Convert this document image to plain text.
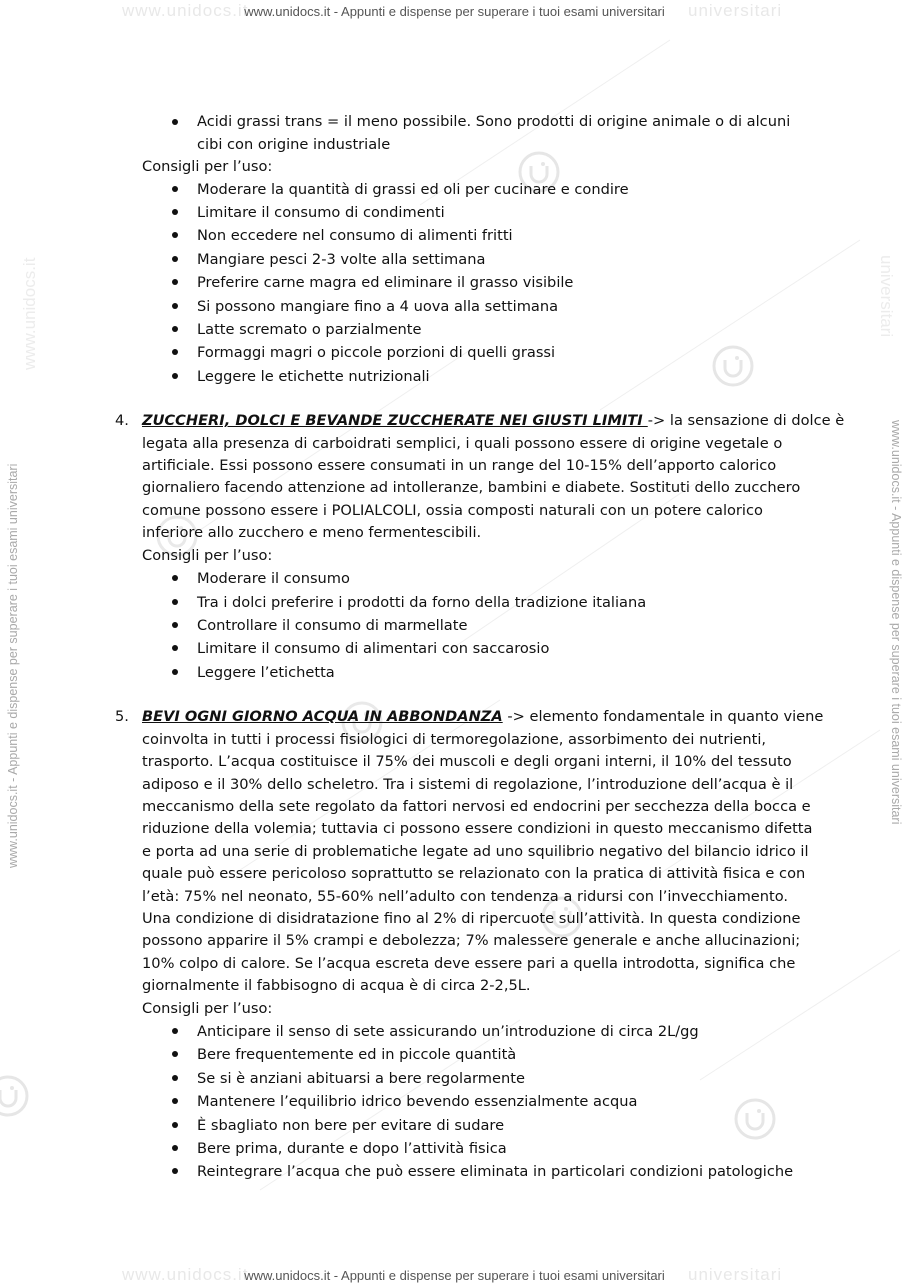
www.unidocs.it	universitari
www.unidocs.it - Appunti e dispense per superare i tuoi esami universitari
www.unidocs.it	universitari
www.unidocs.it - Appunti e dispense per superare i tuoi esami universitari
www.unidocs.it - Appunti e dispense per superare i tuoi esami universitari	www.unidocs.it - Appunti e dispense per superare i tuoi esami universitari
www.unidocs.it	universitari
Acidi grassi trans = il meno possibile. Sono prodotti di origine animale o di alcuni
cibi con origine industriale
Consigli per l’uso:
Moderare la quantità di grassi ed oli per cucinare e condire
Limitare il consumo di condimenti
Non eccedere nel consumo di alimenti fritti
Mangiare pesci 2-3 volte alla settimana
Preferire carne magra ed eliminare il grasso visibile
Si possono mangiare fino a 4 uova alla settimana
Latte scremato o parzialmente
Formaggi magri o piccole porzioni di quelli grassi
Leggere le etichette nutrizionali
4. ZUCCHERI, DOLCI E BEVANDE ZUCCHERATE NEI GIUSTI LIMITI -> la sensazione di dolce è
legata alla presenza di carboidrati semplici, i quali possono essere di origine vegetale o
artificiale. Essi possono essere consumati in un range del 10-15% dell’apporto calorico
giornaliero facendo attenzione ad intolleranze, bambini e diabete. Sostituti dello zucchero
comune possono essere i POLIALCOLI, ossia composti naturali con un potere calorico
inferiore allo zucchero e meno fermentescibili.
Consigli per l’uso:
Moderare il consumo
Tra i dolci preferire i prodotti da forno della tradizione italiana
Controllare il consumo di marmellate
Limitare il consumo di alimentari con saccarosio
Leggere l’etichetta
5. BEVI OGNI GIORNO ACQUA IN ABBONDANZA -> elemento fondamentale in quanto viene
coinvolta in tutti i processi fisiologici di termoregolazione, assorbimento dei nutrienti,
trasporto. L’acqua costituisce il 75% dei muscoli e degli organi interni, il 10% del tessuto
adiposo e il 30% dello scheletro. Tra i sistemi di regolazione, l’introduzione dell’acqua è il
meccanismo della sete regolato da fattori nervosi ed endocrini per secchezza della bocca e
riduzione della volemia; tuttavia ci possono essere condizioni in questo meccanismo difetta
e porta ad una serie di problematiche legate ad uno squilibrio negativo del bilancio idrico il
quale può essere pericoloso soprattutto se relazionato con la pratica di attività fisica e con
l’età: 75% nel neonato, 55-60% nell’adulto con tendenza a ridursi con l’invecchiamento.
Una condizione di disidratazione fino al 2% di ripercuote sull’attività. In questa condizione
possono apparire il 5% crampi e debolezza; 7% malessere generale e anche allucinazioni;
10% colpo di calore. Se l’acqua escreta deve essere pari a quella introdotta, significa che
giornalmente il fabbisogno di acqua è di circa 2-2,5L.
Consigli per l’uso:
Anticipare il senso di sete assicurando un’introduzione di circa 2L/gg
Bere frequentemente ed in piccole quantità
Se si è anziani abituarsi a bere regolarmente
Mantenere l’equilibrio idrico bevendo essenzialmente acqua
È sbagliato non bere per evitare di sudare
Bere prima, durante e dopo l’attività fisica
Reintegrare l’acqua che può essere eliminata in particolari condizioni patologiche
